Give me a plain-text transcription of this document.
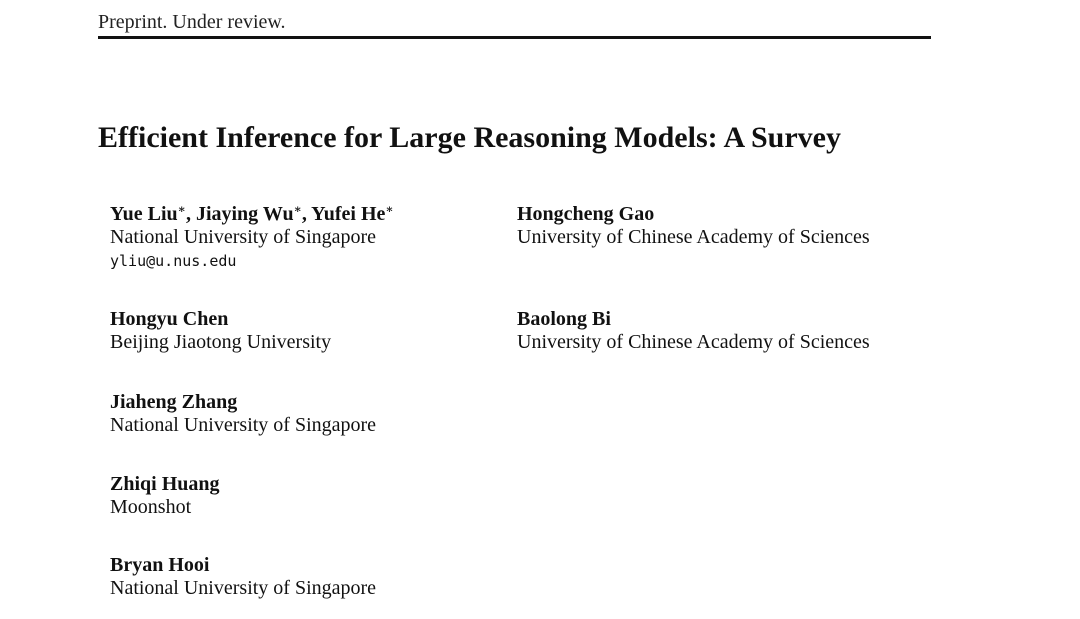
Preprint. Under review.
Efficient Inference for Large Reasoning Models: A Survey
Yue Liu∗, Jiaying Wu∗, Yufei He∗
National University of Singapore
yliu@u.nus.edu
Hongyu Chen
Beijing Jiaotong University
Jiaheng Zhang
National University of Singapore
Zhiqi Huang
Moonshot
Bryan Hooi
National University of Singapore
Hongcheng Gao
University of Chinese Academy of Sciences
Baolong Bi
University of Chinese Academy of Sciences
